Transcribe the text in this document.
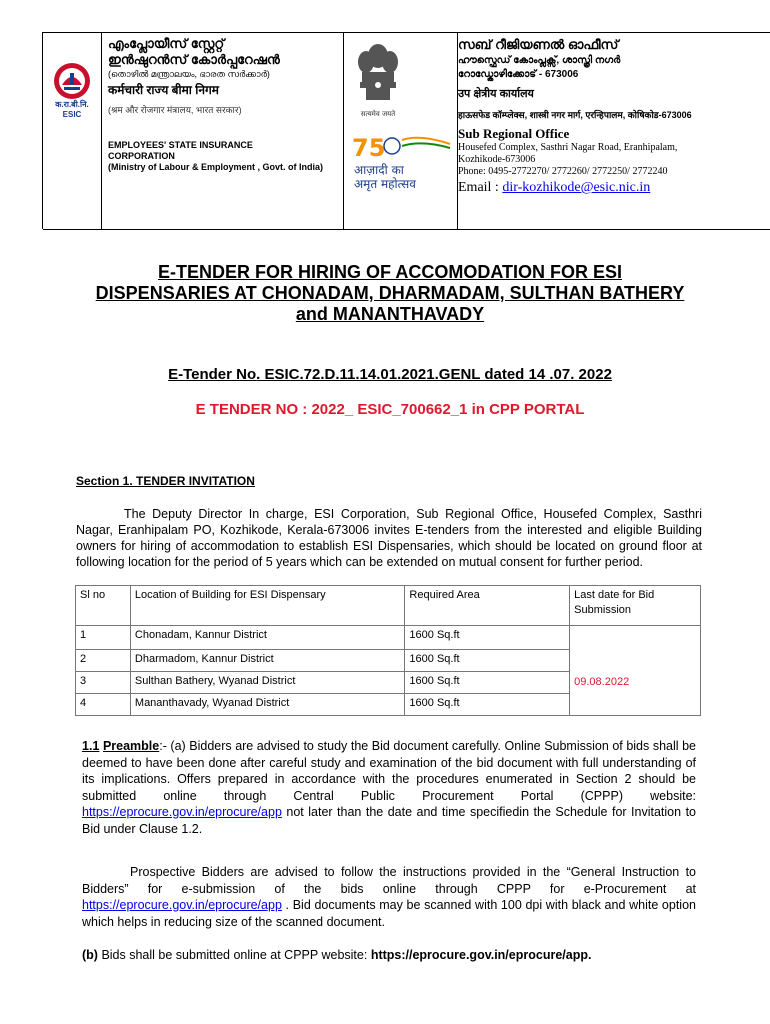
क.रा.बी.नि.
ESIC
എംപ്ലോയീസ് സ്റ്റേറ്റ്
ഇൻഷുറൻസ് കോർപ്പറേഷൻ
(തൊഴിൽ മന്ത്രാലയം, ഭാരത സർക്കാർ)
कर्मचारी राज्य बीमा निगम
(श्रम और रोजगार मंत्रालय, भारत सरकार)
EMPLOYEES' STATE INSURANCE
CORPORATION
(Ministry of Labour & Employment , Govt. of India)
सत्यमेव जयते
75
आज़ादी का
अमृत महोत्सव
സബ് റീജിയണൽ ഓഫീസ്
ഹൗസ്ഫെഡ് കോംപ്ലക്സ്, ശാസ്ത്രി നഗർ
റോഡ്കോഴിക്കോട് - 673006
उप क्षेत्रीय कार्यालय
हाऊसफेड कॉम्प्लेक्स, शास्त्री नगर मार्ग, एरन्हिपालम, कोषिकोड-673006
Sub Regional Office
Housefed Complex, Sasthri Nagar Road, Eranhipalam,
Kozhikode-673006
Phone: 0495-2772270/ 2772260/ 2772250/ 2772240
Email : dir-kozhikode@esic.nic.in
E-TENDER FOR HIRING OF ACCOMODATION FOR ESI DISPENSARIES AT CHONADAM, DHARMADAM, SULTHAN BATHERY and MANANTHAVADY
E-Tender No. ESIC.72.D.11.14.01.2021.GENL dated 14 .07. 2022
E TENDER NO : 2022_ ESIC_700662_1 in CPP PORTAL
Section 1. TENDER INVITATION
The Deputy Director In charge, ESI Corporation, Sub Regional Office, Housefed Complex, Sasthri Nagar, Eranhipalam PO, Kozhikode, Kerala-673006 invites E-tenders from the interested and eligible Building owners for hiring of accommodation to establish ESI Dispensaries, which should be located on ground floor at following location for the period of 5 years which can be extended on mutual consent for further period.
Sl no	Location of Building for ESI Dispensary	Required Area	Last date for Bid Submission
1	Chonadam, Kannur District	1600 Sq.ft	
2	Dharmadom, Kannur District	1600 Sq.ft	09.08.2022
3	Sulthan Bathery, Wyanad District	1600 Sq.ft	
4	Mananthavady, Wyanad District	1600 Sq.ft	
1.1 Preamble:- (a) Bidders are advised to study the Bid document carefully. Online Submission of bids shall be deemed to have been done after careful study and examination of the bid document with full understanding of its implications. Offers prepared in accordance with the procedures enumerated in Section 2 should be submitted online through Central Public Procurement Portal (CPPP) website: https://eprocure.gov.in/eprocure/app not later than the date and time specifiedin the Schedule for Invitation to Bid under Clause 1.2.
Prospective Bidders are advised to follow the instructions provided in the “General Instruction to Bidders” for e-submission of the bids online through CPPP for e-Procurement at https://eprocure.gov.in/eprocure/app . Bid documents may be scanned with 100 dpi with black and white option which helps in reducing size of the scanned document.
(b) Bids shall be submitted online at CPPP website: https://eprocure.gov.in/eprocure/app.
